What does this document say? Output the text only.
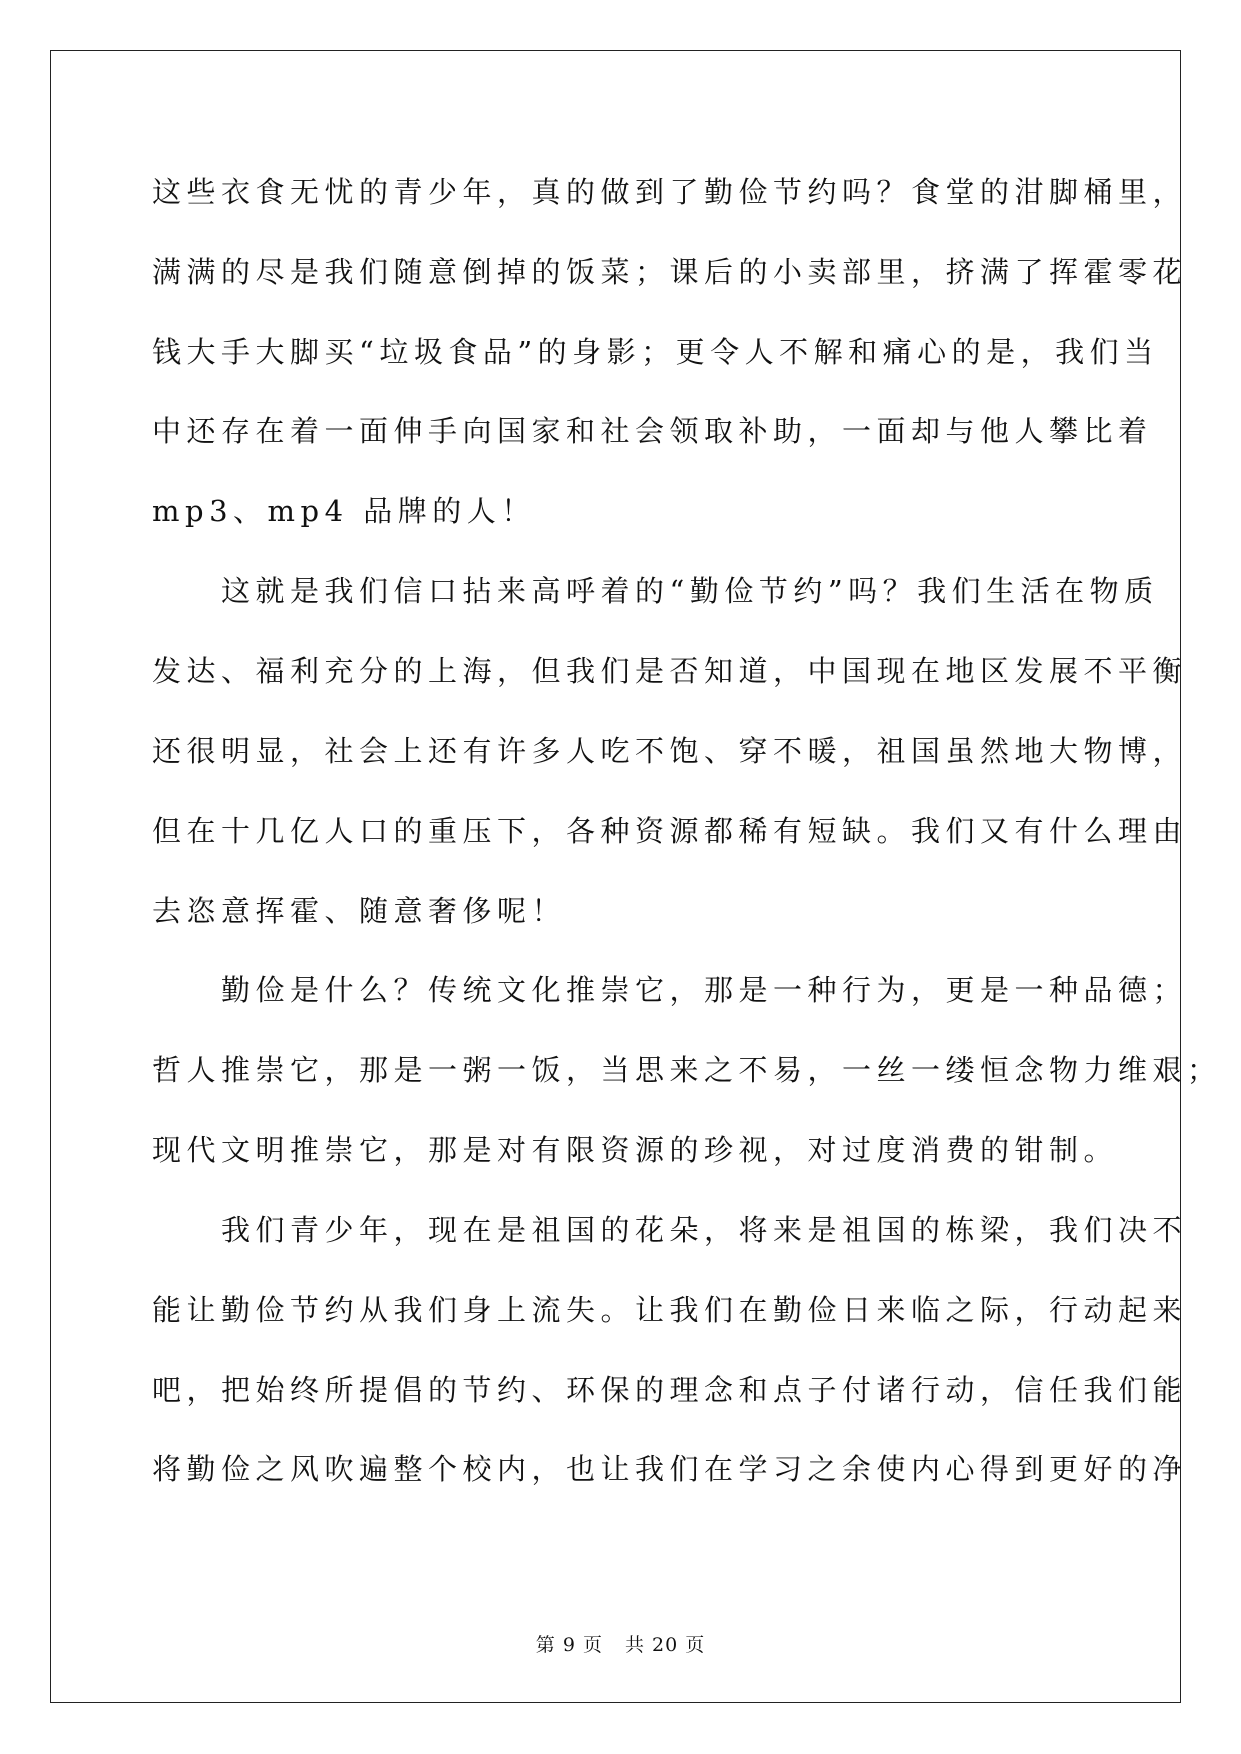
这些衣食无忧的青少年，真的做到了勤俭节约吗？食堂的泔脚桶里，
满满的尽是我们随意倒掉的饭菜；课后的小卖部里，挤满了挥霍零花
钱大手大脚买“垃圾食品”的身影；更令人不解和痛心的是，我们当
中还存在着一面伸手向国家和社会领取补助，一面却与他人攀比着
mp3、mp4 品牌的人！
　　这就是我们信口拈来高呼着的“勤俭节约”吗？我们生活在物质
发达、福利充分的上海，但我们是否知道，中国现在地区发展不平衡
还很明显，社会上还有许多人吃不饱、穿不暖，祖国虽然地大物博，
但在十几亿人口的重压下，各种资源都稀有短缺。我们又有什么理由
去恣意挥霍、随意奢侈呢！
　　勤俭是什么？传统文化推崇它，那是一种行为，更是一种品德；
哲人推崇它，那是一粥一饭，当思来之不易，一丝一缕恒念物力维艰；
现代文明推崇它，那是对有限资源的珍视，对过度消费的钳制。
　　我们青少年，现在是祖国的花朵，将来是祖国的栋梁，我们决不
能让勤俭节约从我们身上流失。让我们在勤俭日来临之际，行动起来
吧，把始终所提倡的节约、环保的理念和点子付诸行动，信任我们能
将勤俭之风吹遍整个校内，也让我们在学习之余使内心得到更好的净
第 9 页 共 20 页
